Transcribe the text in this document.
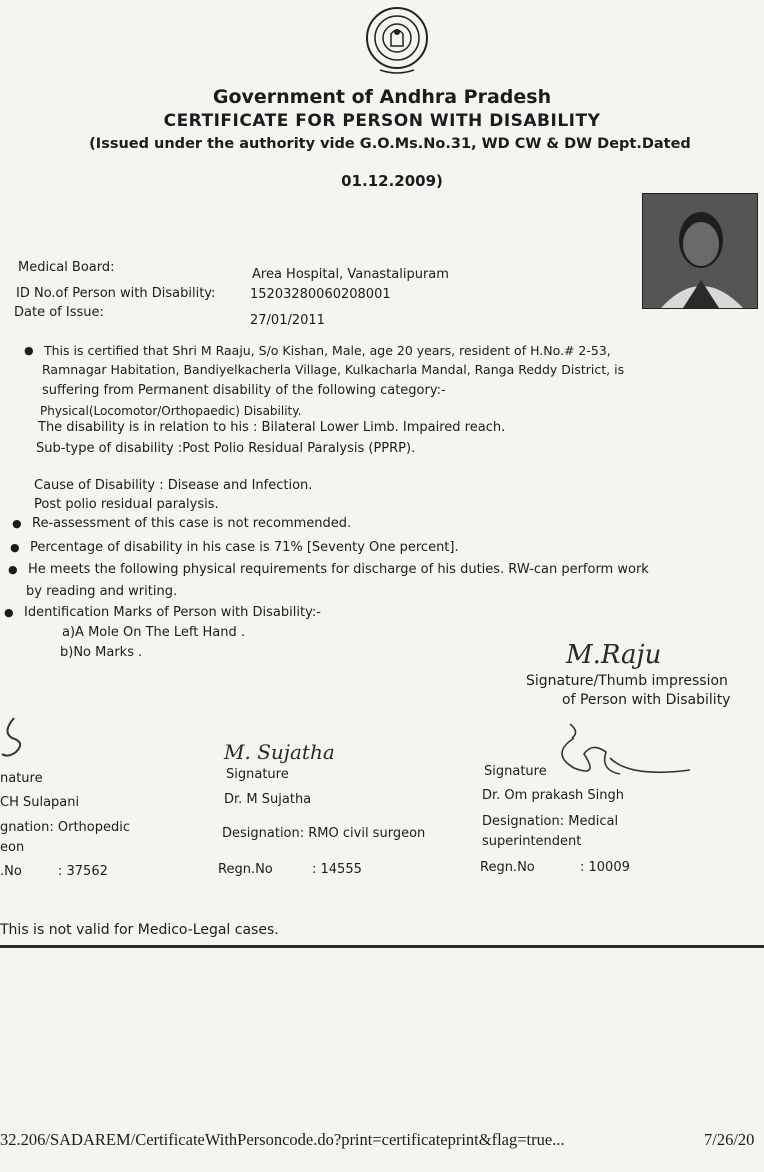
Government of Andhra Pradesh
CERTIFICATE FOR PERSON WITH DISABILITY
(Issued under the authority vide G.O.Ms.No.31, WD CW & DW Dept.Dated
01.12.2009)
Medical Board:	Area Hospital, Vanastalipuram
ID No.of Person with Disability:	15203280060208001
Date of Issue:
27/01/2011
● This is certified that Shri M Raaju, S/o Kishan, Male, age 20 years, resident of H.No.# 2-53,
Ramnagar Habitation, Bandiyelkacherla Village, Kulkacharla Mandal, Ranga Reddy District, is
suffering from Permanent disability of the following category:-
Physical(Locomotor/Orthopaedic) Disability.
The disability is in relation to his : Bilateral Lower Limb. Impaired reach.
Sub-type of disability :Post Polio Residual Paralysis (PPRP).
Cause of Disability : Disease and Infection.
Post polio residual paralysis.
● Re-assessment of this case is not recommended.
● Percentage of disability in his case is 71% [Seventy One percent].
● He meets the following physical requirements for discharge of his duties. RW-can perform work
by reading and writing.
● Identification Marks of Person with Disability:-
a)A Mole On The Left Hand .
b)No Marks .	M.Raju
Signature/Thumb impression
of Person with Disability
nature
CH Sulapani
gnation: Orthopedic
eon
.No	: 37562
M. Sujatha
Signature
Dr. M Sujatha
Designation: RMO civil surgeon
Regn.No	: 14555
Signature
Dr. Om prakash Singh
Designation: Medical
superintendent
Regn.No	: 10009
This is not valid for Medico-Legal cases.
32.206/SADAREM/CertificateWithPersoncode.do?print=certificateprint&flag=true...	7/26/20
